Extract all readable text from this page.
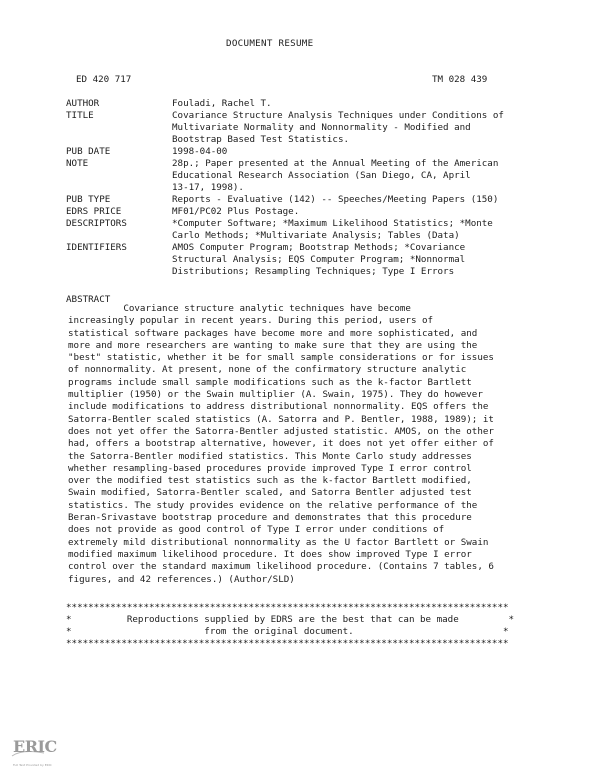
DOCUMENT RESUME
ED 420 717	TM 028 439
AUTHOR	Fouladi, Rachel T.
TITLE	Covariance Structure Analysis Techniques under Conditions of
Multivariate Normality and Nonnormality - Modified and
Bootstrap Based Test Statistics.
PUB DATE	1998-04-00
NOTE	28p.; Paper presented at the Annual Meeting of the American
Educational Research Association (San Diego, CA, April
13-17, 1998).
PUB TYPE	Reports - Evaluative (142) -- Speeches/Meeting Papers (150)
EDRS PRICE	MF01/PC02 Plus Postage.
DESCRIPTORS	*Computer Software; *Maximum Likelihood Statistics; *Monte
Carlo Methods; *Multivariate Analysis; Tables (Data)
IDENTIFIERS	AMOS Computer Program; Bootstrap Methods; *Covariance
Structural Analysis; EQS Computer Program; *Nonnormal
Distributions; Resampling Techniques; Type I Errors
ABSTRACT
Covariance structure analytic techniques have become
increasingly popular in recent years. During this period, users of
statistical software packages have become more and more sophisticated, and
more and more researchers are wanting to make sure that they are using the
"best" statistic, whether it be for small sample considerations or for issues
of nonnormality. At present, none of the confirmatory structure analytic
programs include small sample modifications such as the k-factor Bartlett
multiplier (1950) or the Swain multiplier (A. Swain, 1975). They do however
include modifications to address distributional nonnormality. EQS offers the
Satorra-Bentler scaled statistics (A. Satorra and P. Bentler, 1988, 1989); it
does not yet offer the Satorra-Bentler adjusted statistic. AMOS, on the other
had, offers a bootstrap alternative, however, it does not yet offer either of
the Satorra-Bentler modified statistics. This Monte Carlo study addresses
whether resampling-based procedures provide improved Type I error control
over the modified test statistics such as the k-factor Bartlett modified,
Swain modified, Satorra-Bentler scaled, and Satorra Bentler adjusted test
statistics. The study provides evidence on the relative performance of the
Beran-Srivastave bootstrap procedure and demonstrates that this procedure
does not provide as good control of Type I error under conditions of
extremely mild distributional nonnormality as the U factor Bartlett or Swain
modified maximum likelihood procedure. It does show improved Type I error
control over the standard maximum likelihood procedure. (Contains 7 tables, 6
figures, and 42 references.) (Author/SLD)
********************************************************************************
*          Reproductions supplied by EDRS are the best that can be made         *
*                        from the original document.                           *
********************************************************************************
ERIC
Full Text Provided by ERIC
